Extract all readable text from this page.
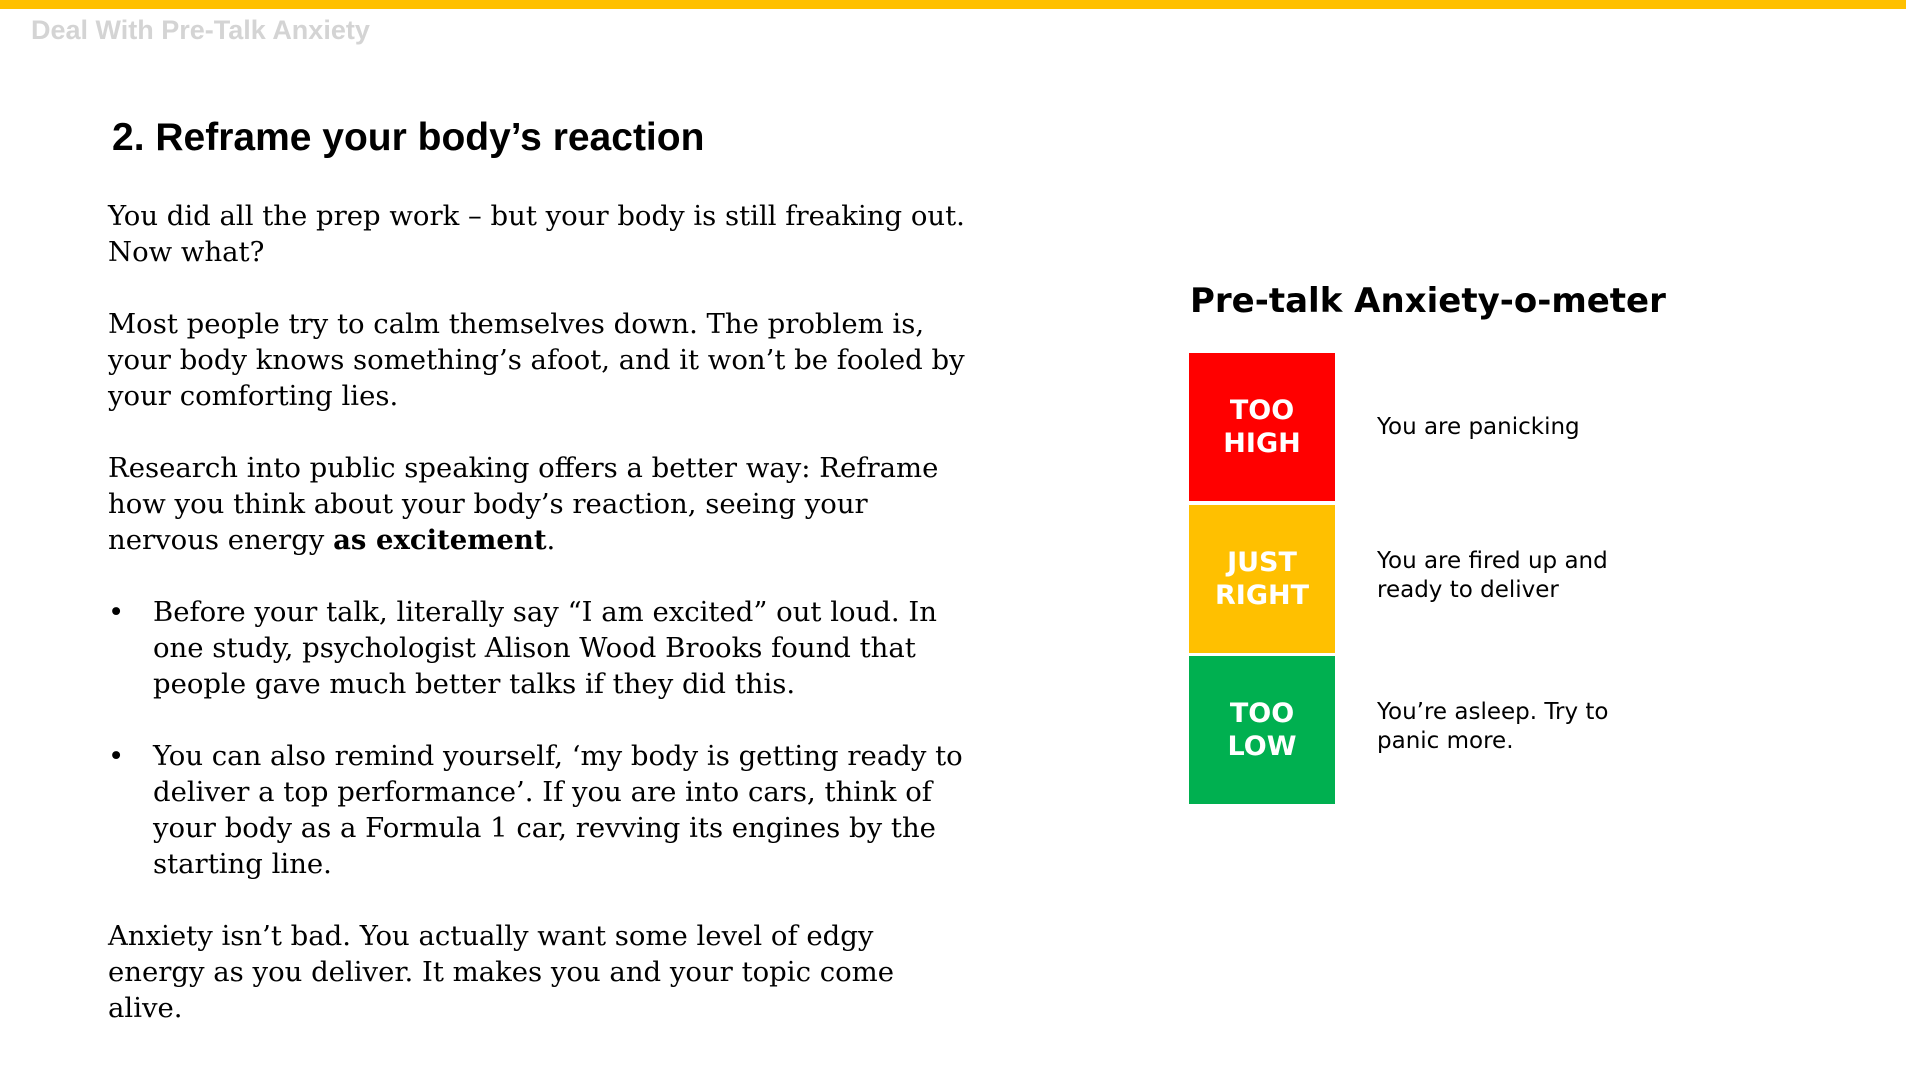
Deal With Pre-Talk Anxiety
2. Reframe your body’s reaction

You did all the prep work – but your body is still freaking out. Now what?

Most people try to calm themselves down. The problem is, your body knows something’s afoot, and it won’t be fooled by your comforting lies.

Research into public speaking offers a better way: Reframe how you think about your body’s reaction, seeing your nervous energy as excitement.

• Before your talk, literally say “I am excited” out loud. In one study, psychologist Alison Wood Brooks found that people gave much better talks if they did this.
• You can also remind yourself, ‘my body is getting ready to deliver a top performance’. If you are into cars, think of your body as a Formula 1 car, revving its engines by the starting line.

Anxiety isn’t bad. You actually want some level of edgy energy as you deliver. It makes you and your topic come alive.

Pre-talk Anxiety-o-meter
TOO
HIGH
You are panicking
JUST
RIGHT
You are fired up and ready to deliver
TOO
LOW
You’re asleep. Try to panic more.
